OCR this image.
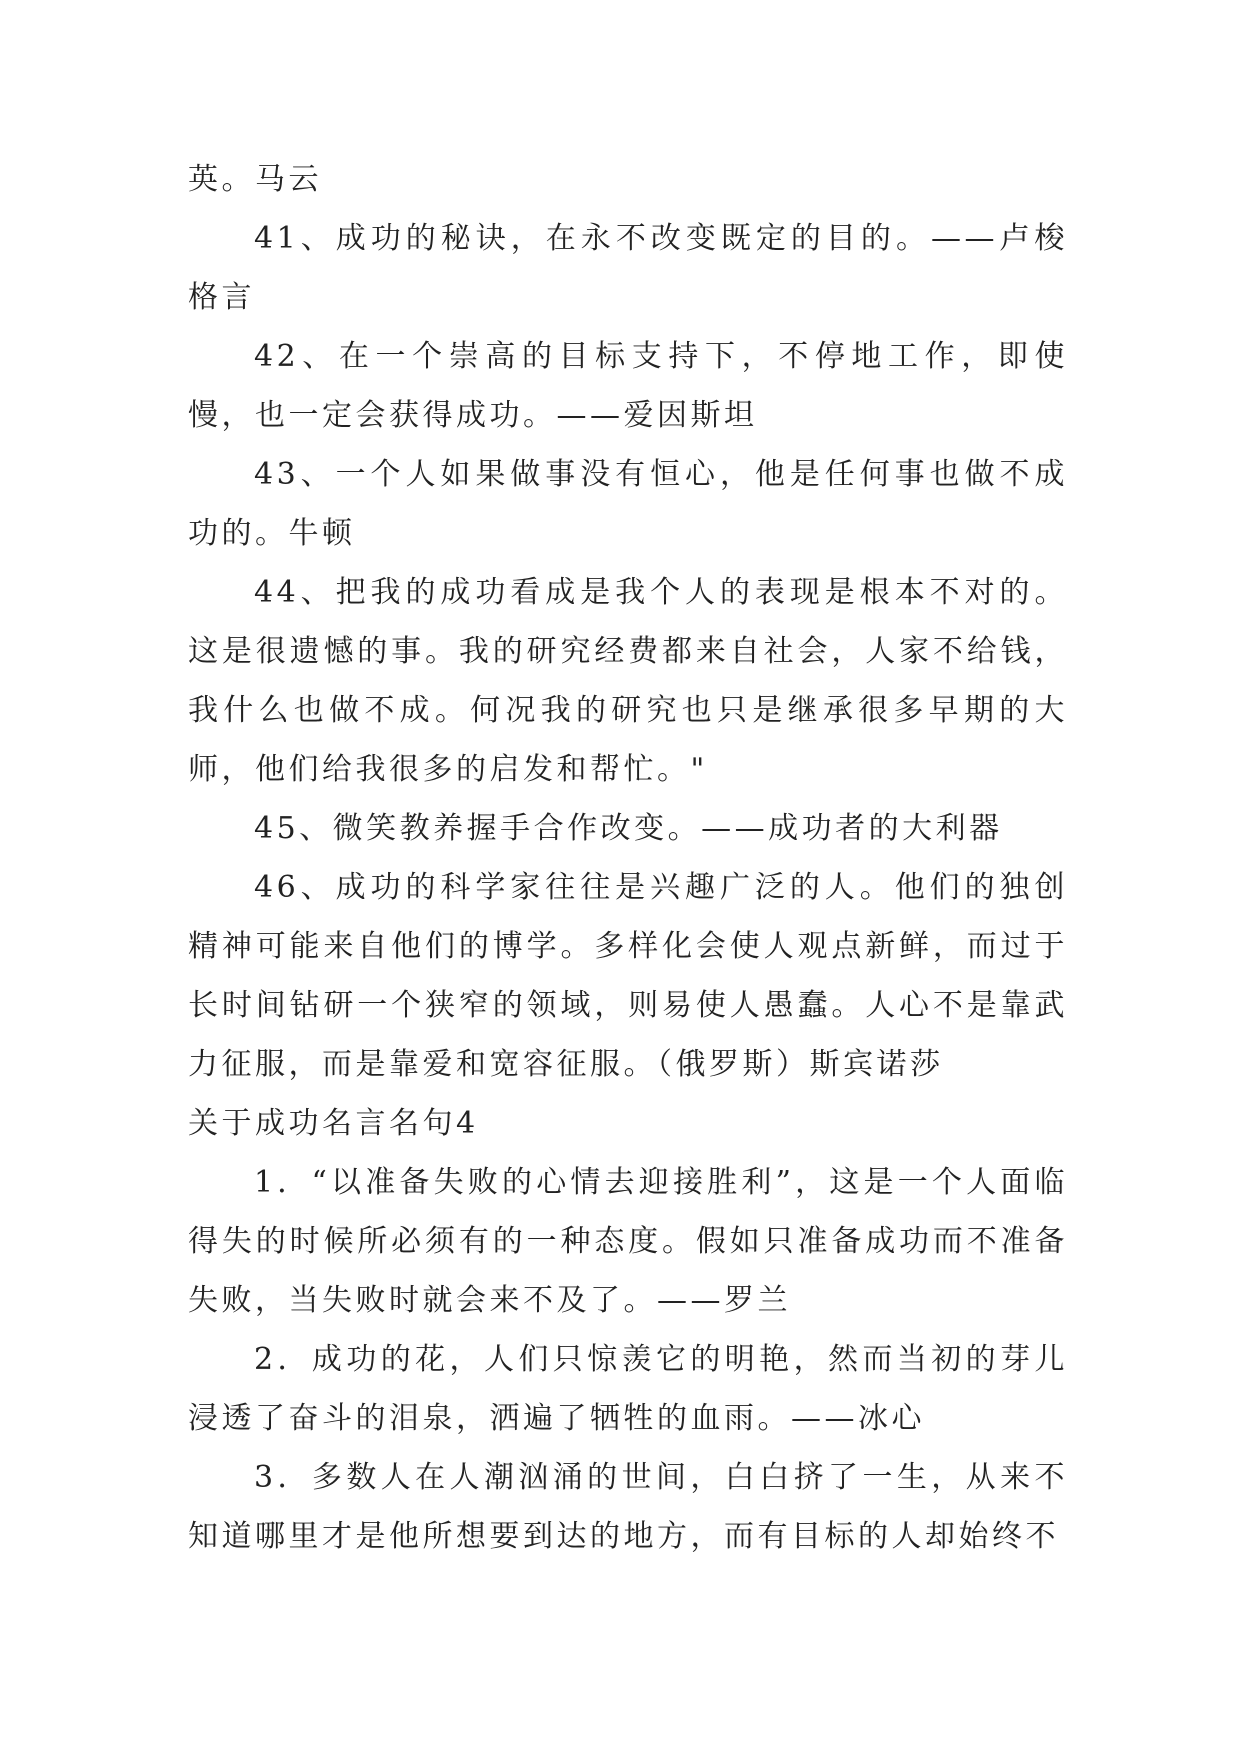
英。马云

41、成功的秘诀，在永不改变既定的目的。——卢梭格言

42、在一个崇高的目标支持下，不停地工作，即使慢，也一定会获得成功。——爱因斯坦

43、一个人如果做事没有恒心，他是任何事也做不成功的。牛顿

44、把我的成功看成是我个人的表现是根本不对的。这是很遗憾的事。我的研究经费都来自社会，人家不给钱，我什么也做不成。何况我的研究也只是继承很多早期的大师，他们给我很多的启发和帮忙。"

45、微笑教养握手合作改变。——成功者的大利器

46、成功的科学家往往是兴趣广泛的人。他们的独创精神可能来自他们的博学。多样化会使人观点新鲜，而过于长时间钻研一个狭窄的领域，则易使人愚蠢。人心不是靠武力征服，而是靠爱和宽容征服。（俄罗斯）斯宾诺莎

关于成功名言名句4

1．“以准备失败的心情去迎接胜利”，这是一个人面临得失的时候所必须有的一种态度。假如只准备成功而不准备失败，当失败时就会来不及了。——罗兰

2．成功的花，人们只惊羡它的明艳，然而当初的芽儿浸透了奋斗的泪泉，洒遍了牺牲的血雨。——冰心

3．多数人在人潮汹涌的世间，白白挤了一生，从来不知道哪里才是他所想要到达的地方，而有目标的人却始终不
